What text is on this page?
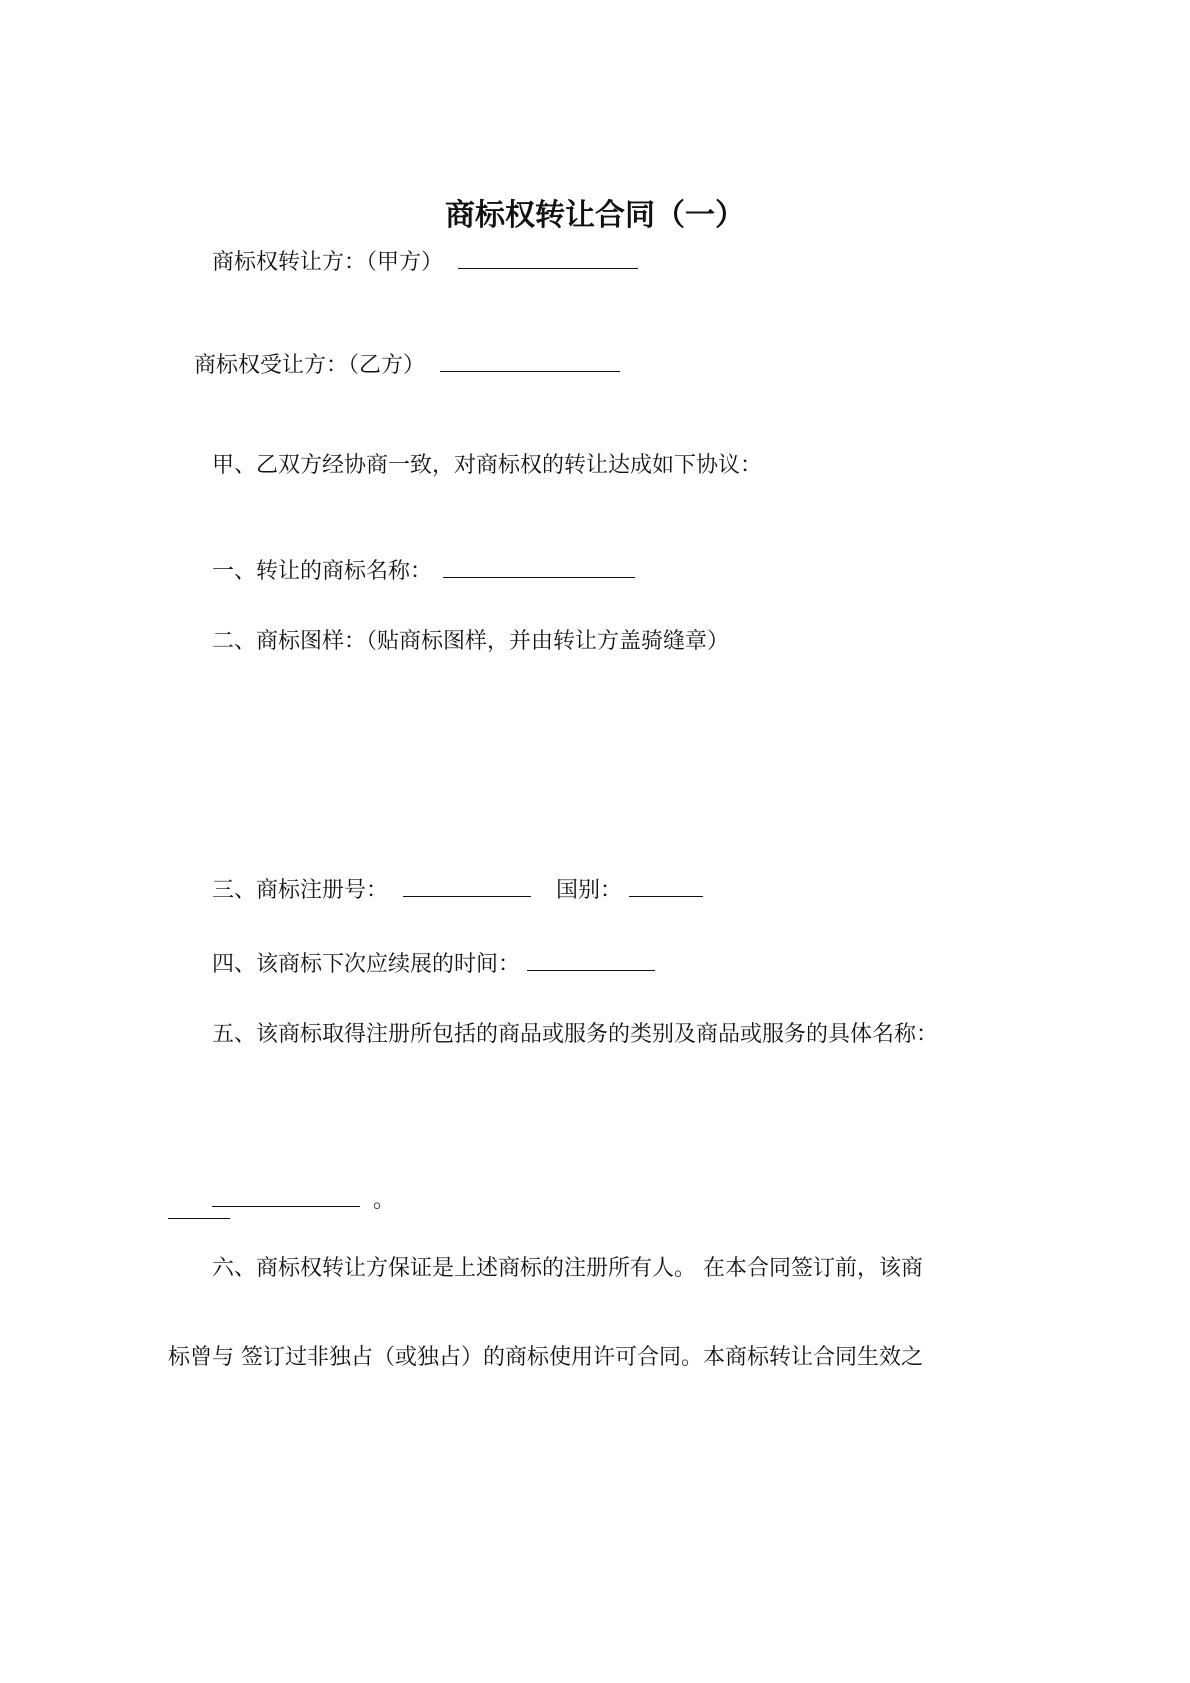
商标权转让合同（一）
商标权转让方：（甲方）
商标权受让方：（乙方）
甲、乙双方经协商一致，对商标权的转让达成如下协议：
一、转让的商标名称：
二、商标图样：（贴商标图样，并由转让方盖骑缝章）
三、商标注册号：	国别：
四、该商标下次应续展的时间：
五、该商标取得注册所包括的商品或服务的类别及商品或服务的具体名称：
。
六、商标权转让方保证是上述商标的注册所有人。 在本合同签订前，该商
标曾与 签订过非独占（或独占）的商标使用许可合同。本商标转让合同生效之
